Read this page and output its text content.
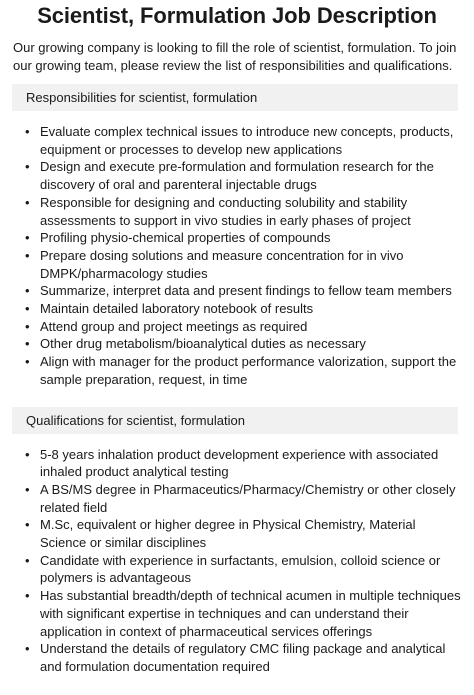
Scientist, Formulation Job Description

Our growing company is looking to fill the role of scientist, formulation. To join our growing team, please review the list of responsibilities and qualifications.

Responsibilities for scientist, formulation
• Evaluate complex technical issues to introduce new concepts, products, equipment or processes to develop new applications
• Design and execute pre-formulation and formulation research for the discovery of oral and parenteral injectable drugs
• Responsible for designing and conducting solubility and stability assessments to support in vivo studies in early phases of project
• Profiling physio-chemical properties of compounds
• Prepare dosing solutions and measure concentration for in vivo DMPK/pharmacology studies
• Summarize, interpret data and present findings to fellow team members
• Maintain detailed laboratory notebook of results
• Attend group and project meetings as required
• Other drug metabolism/bioanalytical duties as necessary
• Align with manager for the product performance valorization, support the sample preparation, request, in time
Qualifications for scientist, formulation
• 5-8 years inhalation product development experience with associated inhaled product analytical testing
• A BS/MS degree in Pharmaceutics/Pharmacy/Chemistry or other closely related field
• M.Sc, equivalent or higher degree in Physical Chemistry, Material Science or similar disciplines
• Candidate with experience in surfactants, emulsion, colloid science or polymers is advantageous
• Has substantial breadth/depth of technical acumen in multiple techniques with significant expertise in techniques and can understand their application in context of pharmaceutical services offerings
• Understand the details of regulatory CMC filing package and analytical and formulation documentation required
